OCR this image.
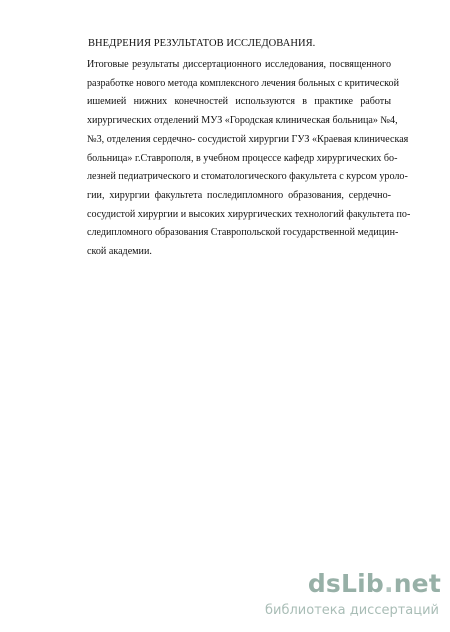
ВНЕДРЕНИЯ РЕЗУЛЬТАТОВ ИССЛЕДОВАНИЯ.
Итоговые результаты диссертационного исследования, посвященного
разработке нового метода комплексного лечения больных с критической
ишемией нижних конечностей используются в практике работы
хирургических отделений МУЗ «Городская клиническая больница» №4,
№3, отделения сердечно- сосудистой хирургии ГУЗ «Краевая клиническая
больница» г.Ставрополя, в учебном процессе кафедр хирургических бо-
лезней педиатрического и стоматологического факультета с курсом уроло-
гии, хирургии факультета последипломного образования, сердечно-
сосудистой хирургии и высоких хирургических технологий факультета по-
следипломного образования Ставропольской государственной медицин-
ской академии.
dsLib.net
библиотека диссертаций
